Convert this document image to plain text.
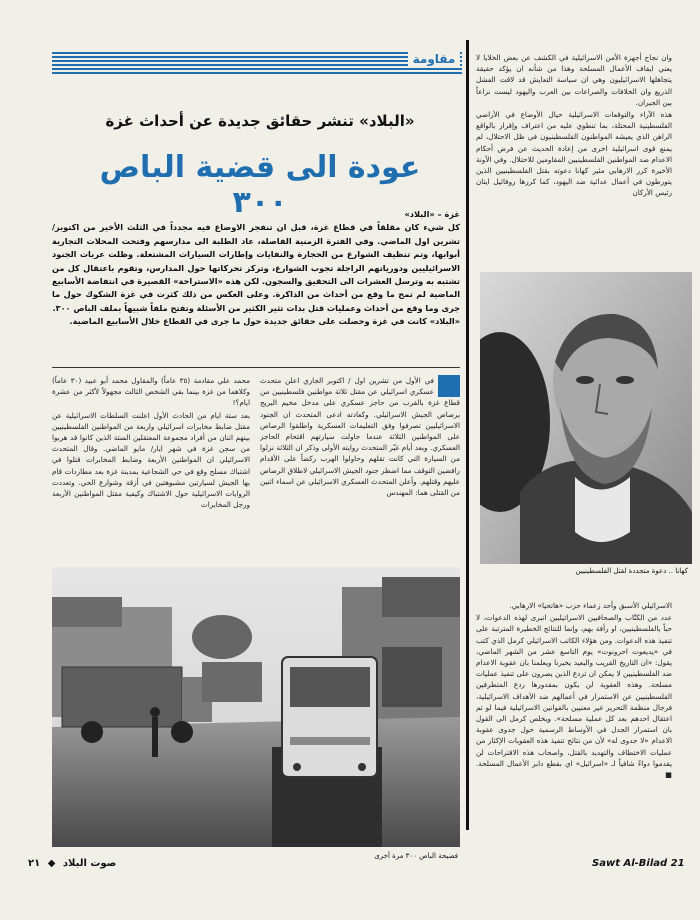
مقاومة
«البلاد» تنشر حقائق جديدة عن أحداث غزة
عودة الى قضية الباص ٣٠٠	غزة – «البلاد»

كل شيء كان مقلقاً في قطاع غزة، قبل ان تنفجر الاوضاع فيه مجدداً في الثلث الأخير من اكتوبر/ تشرين اول الماضي. وفي الفترة الزمنية الفاصلة، عاد الطلبة الى مدارسهم وفتحت المحلات التجارية أبوابها، وتم تنظيف الشوارع من الحجارة والنفايات وإطارات السيارات المشتعلة. وظلت عربات الجنود الاسرائيليين ودورياتهم الراجلة تجوب الشوارع، وتركز تحركاتها حول المدارس، وتقوم باعتقال كل من تشتبه به وترسل العشرات الى التحقيق والسجون. لكن هذه «الاستراحة» القصيرة في انتفاضة الأسابيع الماضية لم تمح ما وقع من أحداث من الذاكرة. وعلى العكس من ذلك كثرت في غزة الشكوك حول ما جرى وما وقع من أحداث وعمليات قتل بدات تثير الكثير من الأسئلة وتفتح ملفاً شبيهاً بملف الباص ٣٠٠.

«البلاد» كانت في غزة وحصلت على حقائق جديدة حول ما جرى في القطاع خلال الأسابيع الماضية.

وان نجاح أجهزة الأمن الاسرائيلية في الكشف عن بعض الخلايا لا يعني ايقاف الأعمال المسلحة وهذا من شأنه ان يؤكد حقيقة يتجاهلها الاسرائيليون وهي ان سياسة التعايش قد لاقت الفشل الذريع وان الخلافات والصراعات بين العرب واليهود ليست نزاعاً بين الجيران.

هذه الآراء والتوقعات الاسرائيلية حيال الأوضاع في الأراضي الفلسطينية المحتلة، بما تنطوي عليه من اعتراف وإقرار بالواقع الراهن الذي يعيشه المواطنون الفلسطينيون في ظل الاحتلال، لم يمنع قوى اسرائيلية اخرى من إعادة الحديث عن فرض أحكام الاعدام ضد المواطنين الفلسطينيين المقاومين للاحتلال. وفي الآونة الأخيرة كرر الارهابي مئير كهانا دعوته بقتل الفلسطينيين الذين يتورطون في أعمال عدائية ضد اليهود، كما كررها روفائيل ايتان رئيس الأركان

كهانا .. دعوة متجددة لقتل الفلسطينيين

الاسرائيلي الأسبق وأحد زعماء حزب «هاتحيا» الارهابي.

عدد من الكتّاب والصحافيين الاسرائيليين انبرى لهذه الدعوات، لا حباً بالفلسطينيين، او رأفة بهم، وإنما للنتائج الخطيرة المترتبة على تنفيذ هذه الدعوات. ومن هؤلاء الكاتب الاسرائيلي كرمل الذي كتب في «يديعوت احرونوت» يوم التاسع عشر من الشهر الماضي، يقول: «ان التاريخ القريب والبعيد يخبرنا ويعلمنا بان عقوبة الاعدام ضد الفلسطينيين لا يمكن ان تردع الذين يصرون على تنفيذ عمليات مسلحة. وهذه العقوبة لن يكون بمقدورها ردع المتطرفين الفلسطينيين عن الاستمرار في أعمالهم ضد الأهداف الاسرائيلية، فرجال منظمة التحرير غير معنيين بالقوانين الاسرائيلية فيما لو تم اعتقال احدهم بعد كل عملية مسلحة». ويخلص كرمل الى القول بان استمرار الجدل في الأوساط الرسمية حول جدوى عقوبة الاعدام «لا جدوى له» لأن من نتائج تنفيذ هذه العقوبات الإكثار من عمليات الاختطاف والتهديد بالقتل، واصحاب هذه الاقتراحات لن يقدموا دواءً شافياً لـ «اسرائيل» اي بقطع دابر الأعمال المسلحة. ■

في الأول من تشرين اول / اكتوبر الجاري اعلن متحدث عسكري اسرائيلي عن مقتل ثلاثة مواطنين فلسطينيين من قطاع غزة بالقرب من حاجز عسكري على مدخل مخيم البريج برصاص الجيش الاسرائيلي. وكعادته ادعى المتحدث ان الجنود الاسرائيليين تصرفوا وفق التعليمات العسكرية واطلقوا الرصاص على المواطنين الثلاثة عندما حاولت سيارتهم اقتحام الحاجز العسكري. وبعد أيام غيّر المتحدث روايته الأولى وذكر ان الثلاثة نزلوا من السيارة التي كانت تقلهم وحاولوا الهرب ركضاً على الأقدام رافضين التوقف مما اضطر جنود الجيش الاسرائيلي لاطلاق الرصاص عليهم وقتلهم. وأعلن المتحدث العسكري الاسرائيلي عن اسماء اثنين من القتلى هما: المهندس

محمد علي مقادمة (٣٥ عاماً) والمقاول محمد أبو عبيد (٣٠ عاماً) وكلاهما من غزة بينما بقي الشخص الثالث مجهولاً لأكثر من عشرة ايام؟!

بعد ستة ايام من الحادث الأول اعلنت السلطات الاسرائيلية عن مقتل ضابط مخابرات اسرائيلي واربعة من المواطنين الفلسطينيين بينهم اثنان من أفراد مجموعة المعتقلين الستة الذين كانوا قد هربوا من سجن غزة في شهر ايار/ مايو الماضي. وقال المتحدث الاسرائيلي ان المواطنين الأربعة وضابط المخابرات قتلوا في اشتباك مسلح وقع في حي الشجاعية بمدينة غزة بعد مطاردات قام بها الجيش لسيارتين مشبوهتين في أزقة وشوارع الحي. وتعددت الروايات الاسرائيلية حول الاشتباك وكيفية مقتل المواطنين الأربعة ورجل المخابرات

فضيحة الباص ٣٠٠ مرة أخرى
صوت البلاد ◆ ٢١	Sawt Al-Bilad 21
